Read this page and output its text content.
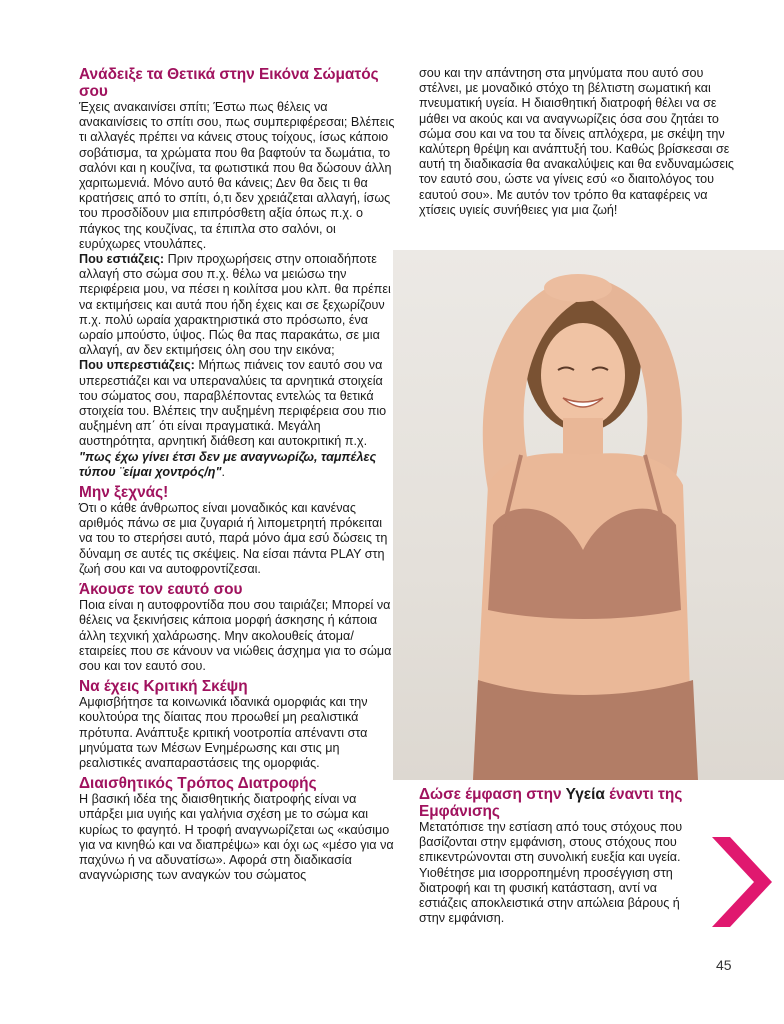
Ανάδειξε τα Θετικά στην Εικόνα Σώματός σου

Έχεις ανακαινίσει σπίτι; Έστω πως θέλεις να ανακαινίσεις το σπίτι σου, πως συμπεριφέρεσαι; Βλέπεις τι αλλαγές πρέπει να κάνεις στους τοίχους, ίσως κάποιο σοβάτισμα, τα χρώματα που θα βαφτούν τα δωμάτια, το σαλόνι και η κουζίνα, τα φωτιστικά που θα δώσουν άλλη χαριτωμενιά. Μόνο αυτό θα κάνεις; Δεν θα δεις τι θα κρατήσεις από το σπίτι, ό,τι δεν χρειάζεται αλλαγή, ίσως του προσδίδουν μια επιπρόσθετη αξία όπως π.χ. ο πάγκος της κουζίνας, τα έπιπλα στο σαλόνι, οι ευρύχωρες ντουλάπες.

Που εστιάζεις: Πριν προχωρήσεις στην οποιαδήποτε αλλαγή στο σώμα σου π.χ. θέλω να μειώσω την περιφέρεια μου, να πέσει η κοιλίτσα μου κλπ. θα πρέπει να εκτιμήσεις και αυτά που ήδη έχεις και σε ξεχωρίζουν π.χ. πολύ ωραία χαρακτηριστικά στο πρόσωπο, ένα ωραίο μπούστο, ύψος. Πώς θα πας παρακάτω, σε μια αλλαγή, αν δεν εκτιμήσεις όλη σου την εικόνα;

Που υπερεστιάζεις: Μήπως πιάνεις τον εαυτό σου να υπερεστιάζει και να υπεραναλύεις τα αρνητικά στοιχεία του σώματος σου, παραβλέποντας εντελώς τα θετικά στοιχεία του. Βλέπεις την αυξημένη περιφέρεια σου πιο αυξημένη απ΄ ότι είναι πραγματικά. Μεγάλη αυστηρότητα, αρνητική διάθεση και αυτοκριτική π.χ. "πως έχω γίνει έτσι δεν με αναγνωρίζω, ταμπέλες τύπου ¨είμαι χοντρός/η".

Μην ξεχνάς!

Ότι ο κάθε άνθρωπος είναι μοναδικός και κανένας αριθμός πάνω σε μια ζυγαριά ή λιπομετρητή πρόκειται να του το στερήσει αυτό, παρά μόνο άμα εσύ δώσεις τη δύναμη σε αυτές τις σκέψεις. Να είσαι πάντα PLAY στη ζωή σου και να αυτοφροντίζεσαι.

Άκουσε τον εαυτό σου

Ποια είναι η αυτοφροντίδα που σου ταιριάζει; Μπορεί να θέλεις να ξεκινήσεις κάποια μορφή άσκησης ή κάποια άλλη τεχνική χαλάρωσης. Μην ακολουθείς άτομα/εταιρείες που σε κάνουν να νιώθεις άσχημα για το σώμα σου και τον εαυτό σου.

Να έχεις Κριτική Σκέψη

Αμφισβήτησε τα κοινωνικά ιδανικά ομορφιάς και την κουλτούρα της δίαιτας που προωθεί μη ρεαλιστικά πρότυπα. Ανάπτυξε κριτική νοοτροπία απέναντι στα μηνύματα των Μέσων Ενημέρωσης και στις μη ρεαλιστικές αναπαραστάσεις της ομορφιάς.

Διαισθητικός Τρόπος Διατροφής

Η βασική ιδέα της διαισθητικής διατροφής είναι να υπάρξει μια υγιής και γαλήνια σχέση με το σώμα και κυρίως το φαγητό. Η τροφή αναγνωρίζεται ως «καύσιμο για να κινηθώ και να διαπρέψω» και όχι ως «μέσο για να παχύνω ή να αδυνατίσω». Αφορά στη διαδικασία αναγνώρισης των αναγκών του σώματος

σου και την απάντηση στα μηνύματα που αυτό σου στέλνει, με μοναδικό στόχο τη βέλτιστη σωματική και πνευματική υγεία. Η διαισθητική διατροφή θέλει να σε μάθει να ακούς και να αναγνωρίζεις όσα σου ζητάει το σώμα σου και να του τα δίνεις απλόχερα, με σκέψη την καλύτερη θρέψη και ανάπτυξή του. Καθώς βρίσκεσαι σε αυτή τη διαδικασία θα ανακαλύψεις και θα ενδυναμώσεις τον εαυτό σου, ώστε να γίνεις εσύ «ο διαιτολόγος του εαυτού σου». Με αυτόν τον τρόπο θα καταφέρεις να χτίσεις υγιείς συνήθειες για μια ζωή!

Δώσε έμφαση στην Υγεία έναντι της Εμφάνισης

Μετατόπισε την εστίαση από τους στόχους που βασίζονται στην εμφάνιση, στους στόχους που επικεντρώνονται στη συνολική ευεξία και υγεία. Υιοθέτησε μια ισορροπημένη προσέγγιση στη διατροφή και τη φυσική κατάσταση, αντί να εστιάζεις αποκλειστικά στην απώλεια βάρους ή στην εμφάνιση.

45
